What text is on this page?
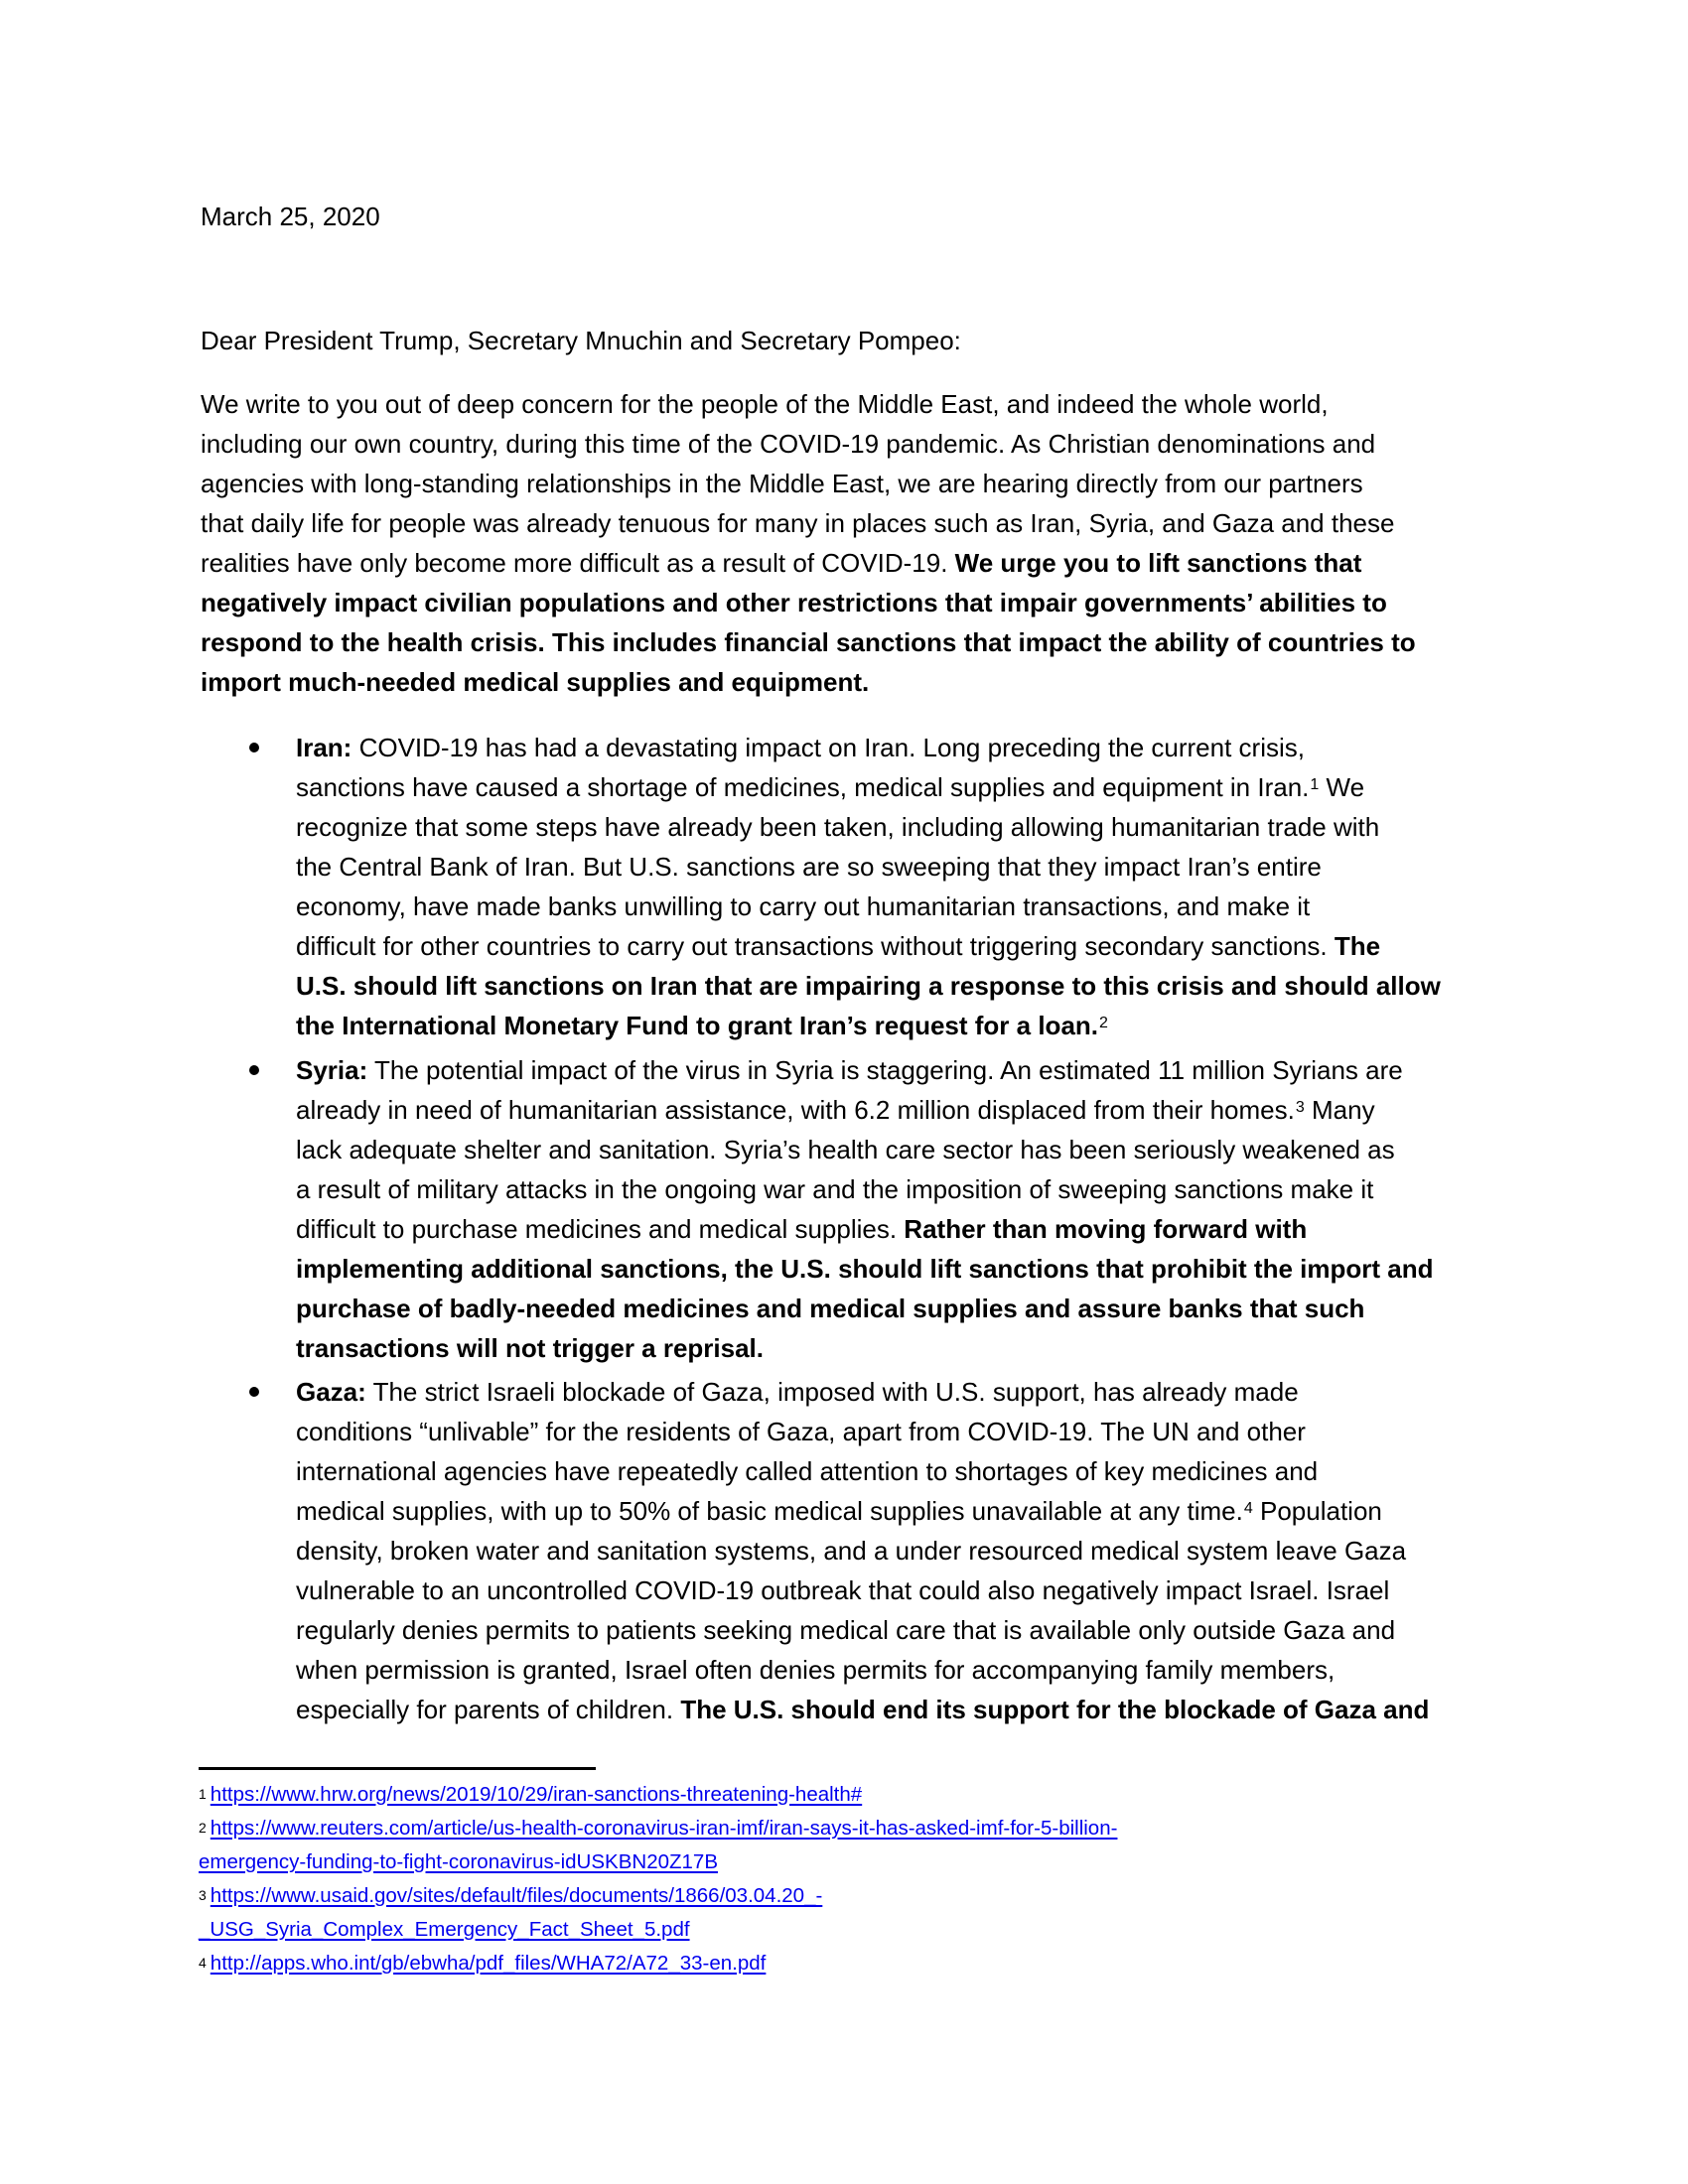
March 25, 2020
Dear President Trump, Secretary Mnuchin and Secretary Pompeo:
We write to you out of deep concern for the people of the Middle East, and indeed the whole world,
including our own country, during this time of the COVID-19 pandemic. As Christian denominations and
agencies with long-standing relationships in the Middle East, we are hearing directly from our partners
that daily life for people was already tenuous for many in places such as Iran, Syria, and Gaza and these
realities have only become more difficult as a result of COVID-19. We urge you to lift sanctions that
negatively impact civilian populations and other restrictions that impair governments’ abilities to
respond to the health crisis. This includes financial sanctions that impact the ability of countries to
import much-needed medical supplies and equipment.
Iran: COVID-19 has had a devastating impact on Iran. Long preceding the current crisis,
sanctions have caused a shortage of medicines, medical supplies and equipment in Iran.$^1$ We
recognize that some steps have already been taken, including allowing humanitarian trade with
the Central Bank of Iran. But U.S. sanctions are so sweeping that they impact Iran’s entire
economy, have made banks unwilling to carry out humanitarian transactions, and make it
difficult for other countries to carry out transactions without triggering secondary sanctions. The
U.S. should lift sanctions on Iran that are impairing a response to this crisis and should allow
the International Monetary Fund to grant Iran’s request for a loan.$^2$
Syria: The potential impact of the virus in Syria is staggering. An estimated 11 million Syrians are
already in need of humanitarian assistance, with 6.2 million displaced from their homes.$^3$ Many
lack adequate shelter and sanitation. Syria’s health care sector has been seriously weakened as
a result of military attacks in the ongoing war and the imposition of sweeping sanctions make it
difficult to purchase medicines and medical supplies. Rather than moving forward with
implementing additional sanctions, the U.S. should lift sanctions that prohibit the import and
purchase of badly-needed medicines and medical supplies and assure banks that such
transactions will not trigger a reprisal.
Gaza: The strict Israeli blockade of Gaza, imposed with U.S. support, has already made
conditions “unlivable” for the residents of Gaza, apart from COVID-19. The UN and other
international agencies have repeatedly called attention to shortages of key medicines and
medical supplies, with up to 50% of basic medical supplies unavailable at any time.$^4$ Population
density, broken water and sanitation systems, and a under resourced medical system leave Gaza
vulnerable to an uncontrolled COVID-19 outbreak that could also negatively impact Israel. Israel
regularly denies permits to patients seeking medical care that is available only outside Gaza and
when permission is granted, Israel often denies permits for accompanying family members,
especially for parents of children. The U.S. should end its support for the blockade of Gaza and
$^1$ https://www.hrw.org/news/2019/10/29/iran-sanctions-threatening-health#
$^2$ https://www.reuters.com/article/us-health-coronavirus-iran-imf/iran-says-it-has-asked-imf-for-5-billion-
emergency-funding-to-fight-coronavirus-idUSKBN20Z17B
$^3$ https://www.usaid.gov/sites/default/files/documents/1866/03.04.20_-
_USG_Syria_Complex_Emergency_Fact_Sheet_5.pdf
$^4$ http://apps.who.int/gb/ebwha/pdf_files/WHA72/A72_33-en.pdf
